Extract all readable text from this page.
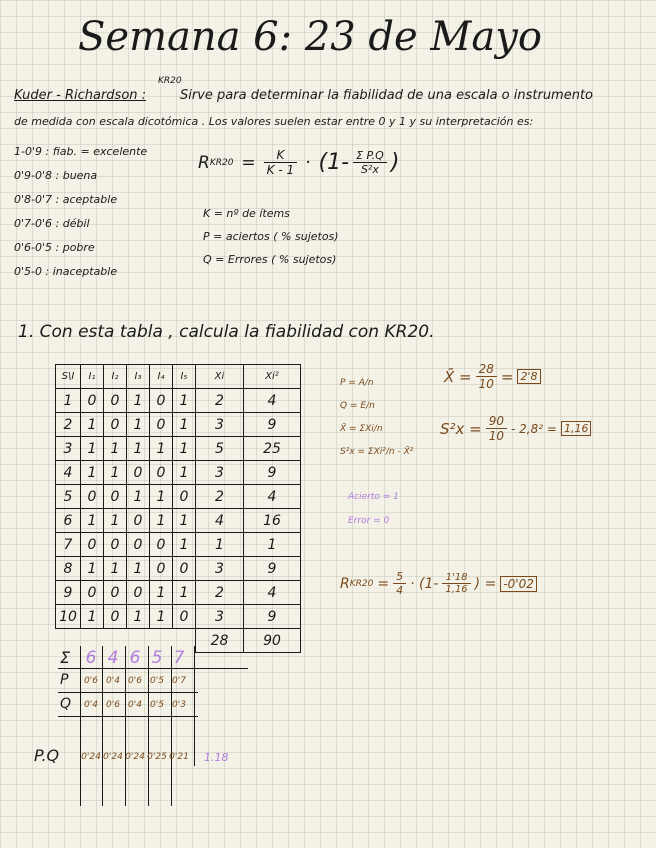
Semana 6: 23 de Mayo
KR20
Kuder - Richardson :	Sirve para determinar la fiabilidad de una escala o instrumento
de medida con escala dicotómica . Los valores suelen estar entre 0 y 1 y su interpretación es:
1-0'9 : fiab. = excelente
0'9-0'8 : buena
0'8-0'7 : aceptable
0'7-0'6 : débil
0'6-0'5 : pobre
0'5-0 : inaceptable
R $KR20 = \frac{K}{K - 1} \cdot (1- \frac{\text{Σ P.Q}}{\text{S²x}}$ )
K = nº de ítems
P = aciertos ( % sujetos)
Q = Errores ( % sujetos)
1. Con esta tabla , calcula la fiabilidad con KR20.
S\I	I₁	I₂	I₃	I₄	I₅	Xi	Xi²
1	0	0	1	0	1	2	4
2	1	0	1	0	1	3	9
3	1	1	1	1	1	5	25
4	1	1	0	0	1	3	9
5	0	0	1	1	0	2	4
6	1	1	0	1	1	4	16
7	0	0	0	0	1	1	1
8	1	1	1	0	0	3	9
9	0	0	0	1	1	2	4
10	1	0	1	1	0	3	9
						28	90
Σ 6 4 6 5 7
P	0'6 0'4 0'6 0'5 0'7
Q	0'4 0'6 0'4 0'5 0'3
P.Q 0'24 0'24 0'24 0'25 0'21 1.18
P = A/n
Q = E/n
X̄ = ΣXi/n
S²x = ΣXi²/n - X̄²
Acierto = 1
Error = 0
X̄ = $\frac{28}{10} = 2'8$
$S^2x = \frac{90}{10} - 2,8^2 = 1,16$
R $KR20 = \frac{5}{4} \cdot (1- \frac{1'18}{1,16}$ ) = -0'02
